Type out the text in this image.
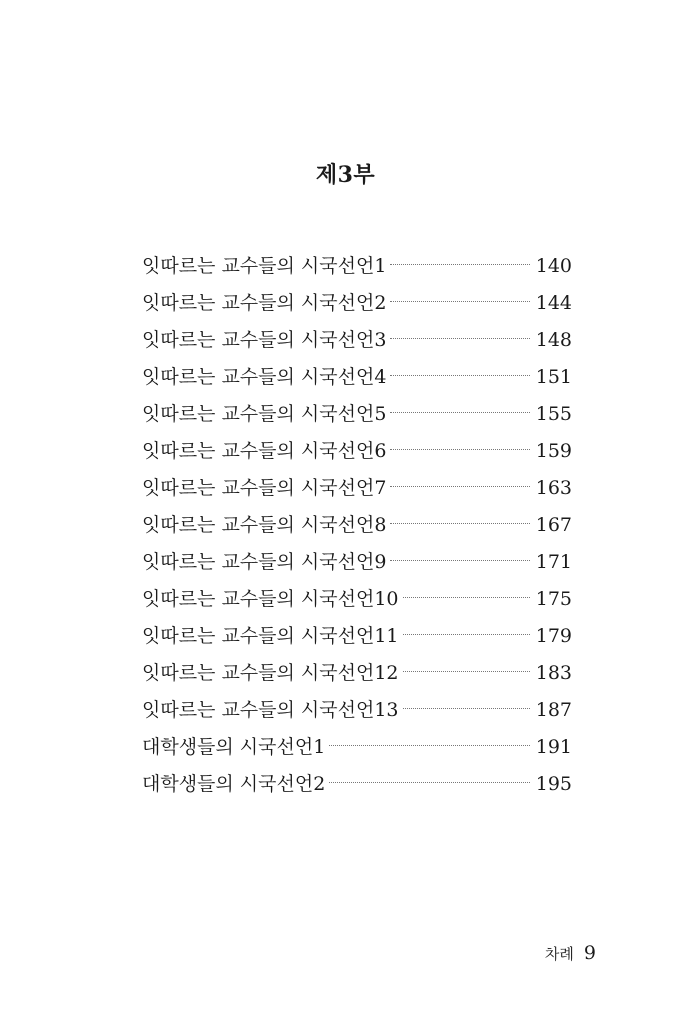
제3부
잇따르는 교수들의 시국선언1	140
잇따르는 교수들의 시국선언2	144
잇따르는 교수들의 시국선언3	148
잇따르는 교수들의 시국선언4	151
잇따르는 교수들의 시국선언5	155
잇따르는 교수들의 시국선언6	159
잇따르는 교수들의 시국선언7	163
잇따르는 교수들의 시국선언8	167
잇따르는 교수들의 시국선언9	171
잇따르는 교수들의 시국선언10	175
잇따르는 교수들의 시국선언11	179
잇따르는 교수들의 시국선언12	183
잇따르는 교수들의 시국선언13	187
대학생들의 시국선언1	191
대학생들의 시국선언2	195
차례 9
